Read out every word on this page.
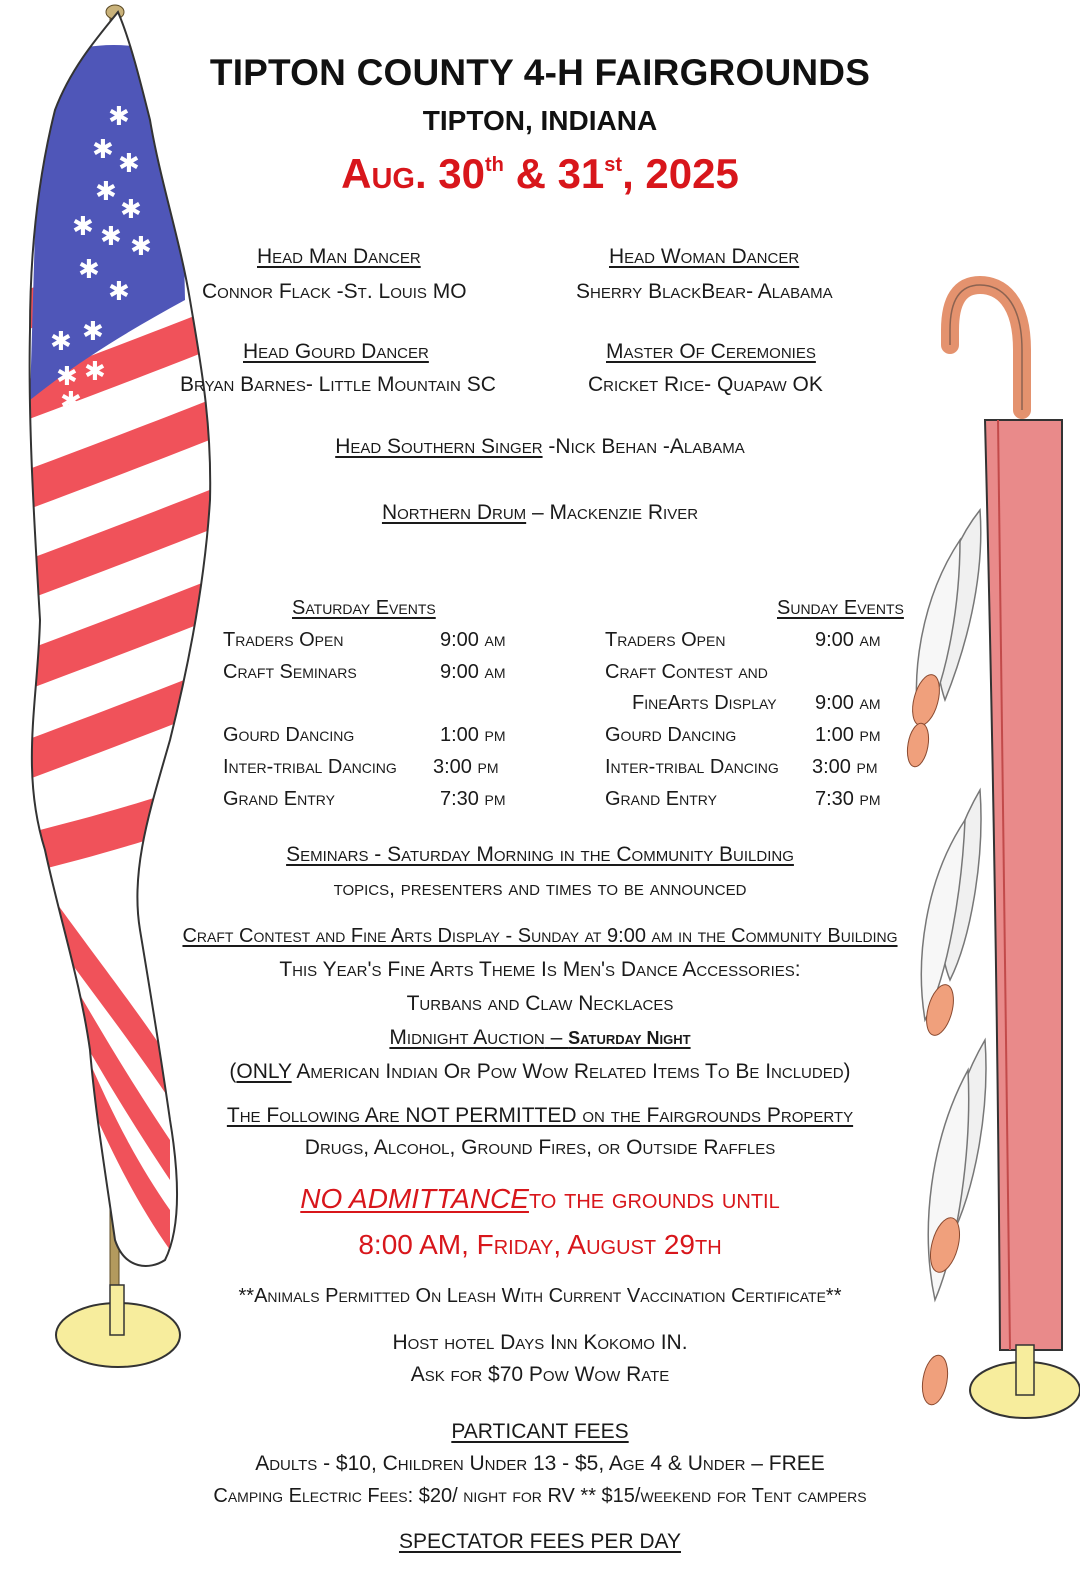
✱
✱ ✱
✱
✱
✱ ✱ ✱
✱
✱
✱ ✱
✱ ✱
✱
TIPTON COUNTY 4-H FAIRGROUNDS
TIPTON, INDIANA
Aug. 30th & 31st, 2025
Head Man Dancer
Connor Flack -St. Louis MO
Head Woman Dancer
Sherry BlackBear- Alabama
Head Gourd Dancer
Bryan Barnes- Little Mountain SC
Master Of Ceremonies
Cricket Rice- Quapaw OK
Head Southern Singer -Nick Behan -Alabama
Northern Drum – Mackenzie River
Saturday Events	Sunday Events
Traders Open	9:00 am
Craft Seminars	9:00 am
Gourd Dancing	1:00 pm
Inter-tribal Dancing 3:00 pm
Grand Entry	7:30 pm
Traders Open	9:00 am
Craft Contest and
FineArts Display 9:00 am
Gourd Dancing	1:00 pm
Inter-tribal Dancing 3:00 pm
Grand Entry	7:30 pm
Seminars - Saturday Morning in the Community Building
topics, presenters and times to be announced
Craft Contest and Fine Arts Display - Sunday at 9:00 am in the Community Building
This Year's Fine Arts Theme Is Men's Dance Accessories:
Turbans and Claw Necklaces
Midnight Auction – Saturday Night
(ONLY American Indian Or Pow Wow Related Items To Be Included)
The Following Are NOT PERMITTED on the Fairgrounds Property
Drugs, Alcohol, Ground Fires, or Outside Raffles
NO ADMITTANCEto the grounds until
8:00 AM, Friday, August 29th
**Animals Permitted On Leash With Current Vaccination Certificate**
Host hotel Days Inn Kokomo IN.
Ask for $70 Pow Wow Rate
PARTICANT FEES
Adults - $10, Children Under 13 - $5, Age 4 & Under – FREE
Camping Electric Fees: $20/ night for RV ** $15/weekend for Tent campers
SPECTATOR FEES PER DAY
